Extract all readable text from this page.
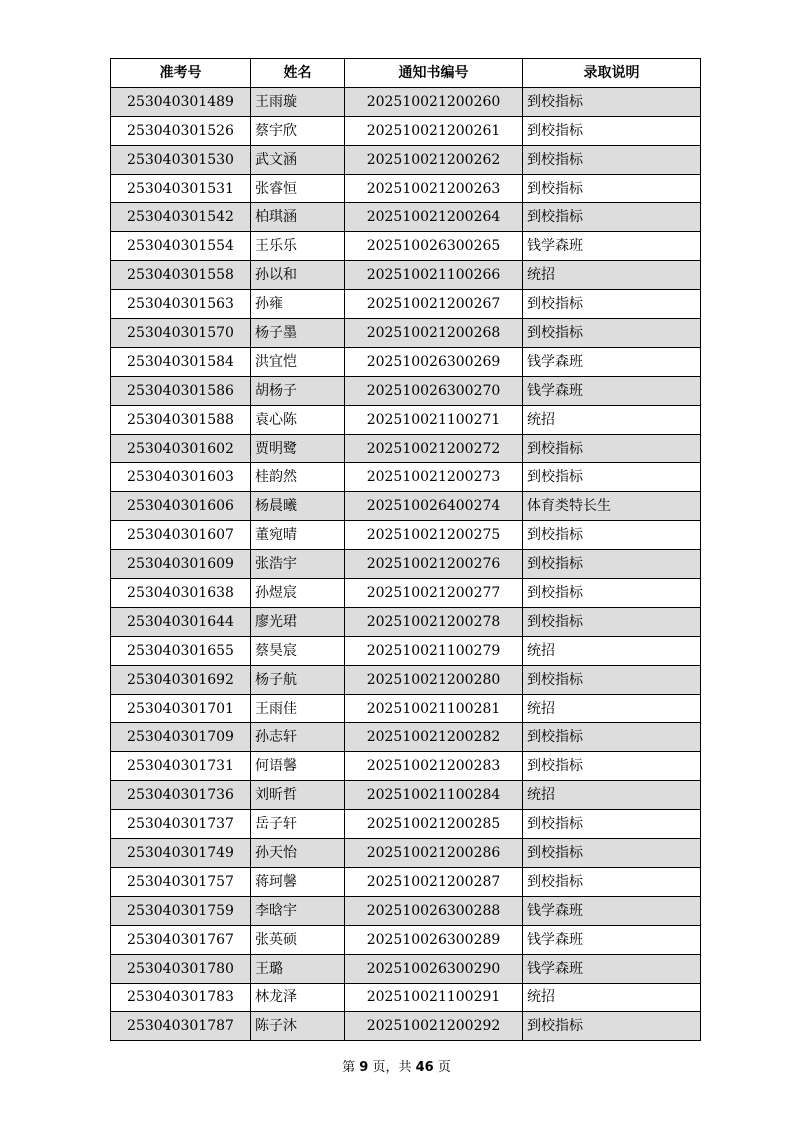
准考号	姓名	通知书编号	录取说明
253040301489	王雨璇	202510021200260	到校指标
253040301526	蔡宇欣	202510021200261	到校指标
253040301530	武文涵	202510021200262	到校指标
253040301531	张睿恒	202510021200263	到校指标
253040301542	柏琪涵	202510021200264	到校指标
253040301554	王乐乐	202510026300265	钱学森班
253040301558	孙以和	202510021100266	统招
253040301563	孙雍	202510021200267	到校指标
253040301570	杨子墨	202510021200268	到校指标
253040301584	洪宜恺	202510026300269	钱学森班
253040301586	胡杨子	202510026300270	钱学森班
253040301588	袁心陈	202510021100271	统招
253040301602	贾明鹭	202510021200272	到校指标
253040301603	桂韵然	202510021200273	到校指标
253040301606	杨晨曦	202510026400274	体育类特长生
253040301607	董宛晴	202510021200275	到校指标
253040301609	张浩宇	202510021200276	到校指标
253040301638	孙煜宸	202510021200277	到校指标
253040301644	廖光珺	202510021200278	到校指标
253040301655	蔡昊宸	202510021100279	统招
253040301692	杨子航	202510021200280	到校指标
253040301701	王雨佳	202510021100281	统招
253040301709	孙志轩	202510021200282	到校指标
253040301731	何语馨	202510021200283	到校指标
253040301736	刘昕哲	202510021100284	统招
253040301737	岳子轩	202510021200285	到校指标
253040301749	孙天怡	202510021200286	到校指标
253040301757	蒋珂馨	202510021200287	到校指标
253040301759	李晗宇	202510026300288	钱学森班
253040301767	张英硕	202510026300289	钱学森班
253040301780	王璐	202510026300290	钱学森班
253040301783	林龙泽	202510021100291	统招
253040301787	陈子沐	202510021200292	到校指标
第 9 页，共 46 页
